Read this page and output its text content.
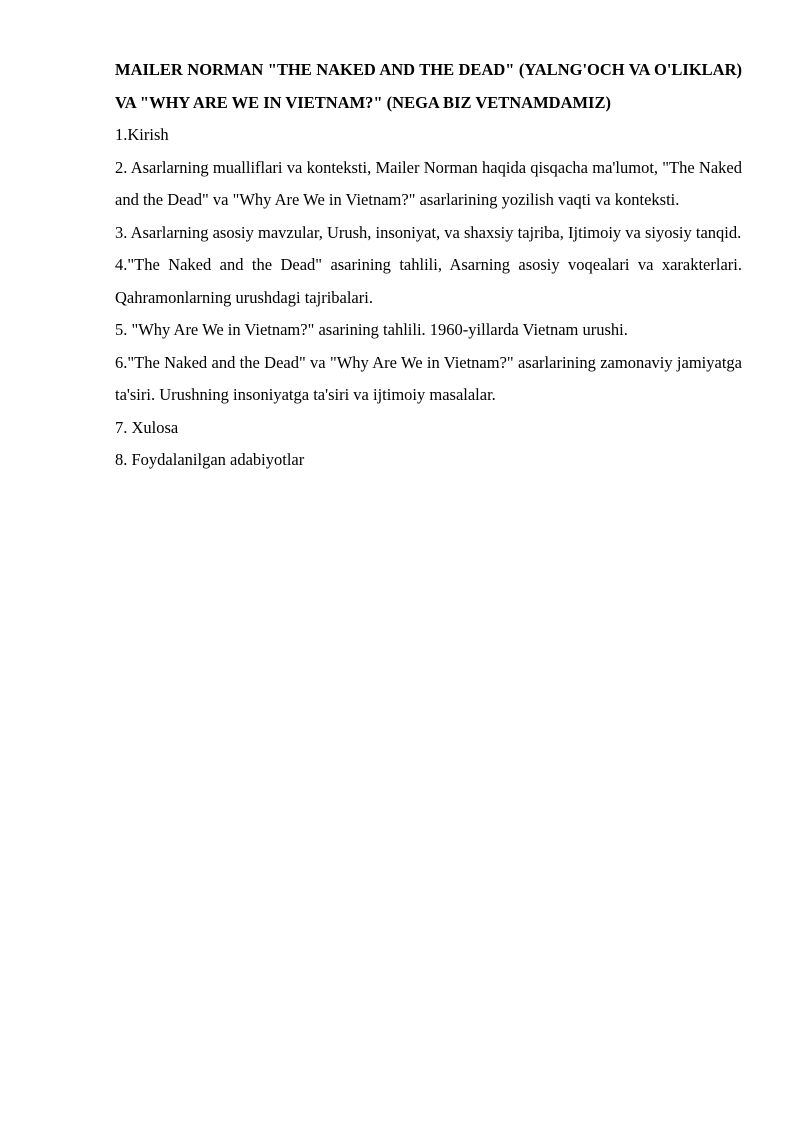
MAILER NORMAN "THE NAKED AND THE DEAD" (YALNG'OCH VA O'LIKLAR) VA "WHY ARE WE IN VIETNAM?" (NEGA BIZ VETNAMDAMIZ)

1.Kirish

2. Asarlarning mualliflari va konteksti, Mailer Norman haqida qisqacha ma'lumot, "The Naked and the Dead" va "Why Are We in Vietnam?" asarlarining yozilish vaqti va konteksti.

3. Asarlarning asosiy mavzular, Urush, insoniyat, va shaxsiy tajriba, Ijtimoiy va siyosiy tanqid.

4."The Naked and the Dead" asarining tahlili, Asarning asosiy voqealari va xarakterlari. Qahramonlarning urushdagi tajribalari.

5. "Why Are We in Vietnam?" asarining tahlili. 1960-yillarda Vietnam urushi.

6."The Naked and the Dead" va "Why Are We in Vietnam?" asarlarining zamonaviy jamiyatga ta'siri. Urushning insoniyatga ta'siri va ijtimoiy masalalar.

7. Xulosa

8. Foydalanilgan adabiyotlar
